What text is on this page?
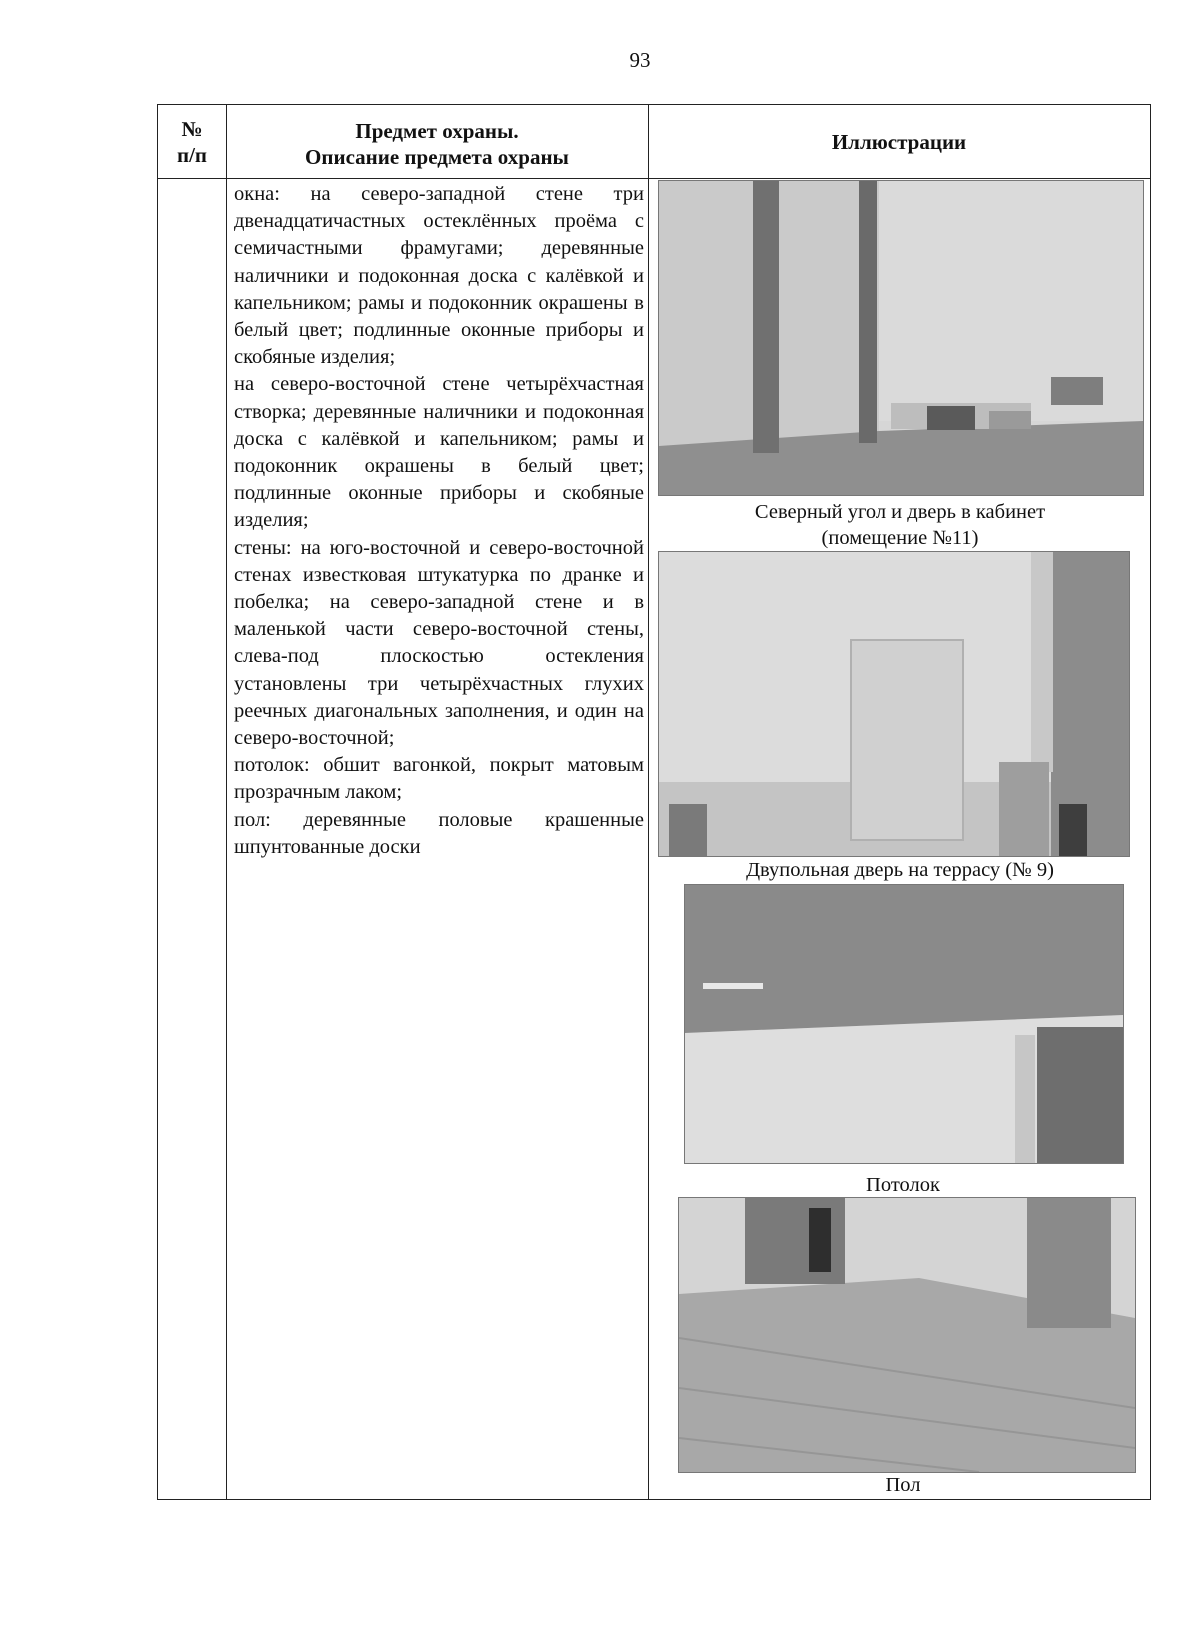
93
№
п/п
Предмет охраны.
Описание предмета охраны
Иллюстрации

окна: на северо-западной стене три двенадцатичастных остеклённых проёма с семичастными фрамугами; деревянные наличники и подоконная доска с калёвкой и капельником; рамы и подоконник окрашены в белый цвет; подлинные оконные приборы и скобяные изделия;

на северо-восточной стене четырёхчастная створка; деревянные наличники и подоконная доска с калёвкой и капельником; рамы и подоконник окрашены в белый цвет; подлинные оконные приборы и скобяные изделия;

стены: на юго-восточной и северо-восточной стенах известковая штукатурка по дранке и побелка; на северо-западной стене и в маленькой части северо-восточной стены, слева-под плоскостью остекления установлены три четырёхчастных глухих реечных диагональных заполнения, и один на северо-восточной;

потолок: обшит вагонкой, покрыт матовым прозрачным лаком;

пол: деревянные половые крашенные шпунтованные доски

Северный угол и дверь в кабинет
(помещение №11)
Двупольная дверь на террасу (№ 9)
Потолок
Пол
